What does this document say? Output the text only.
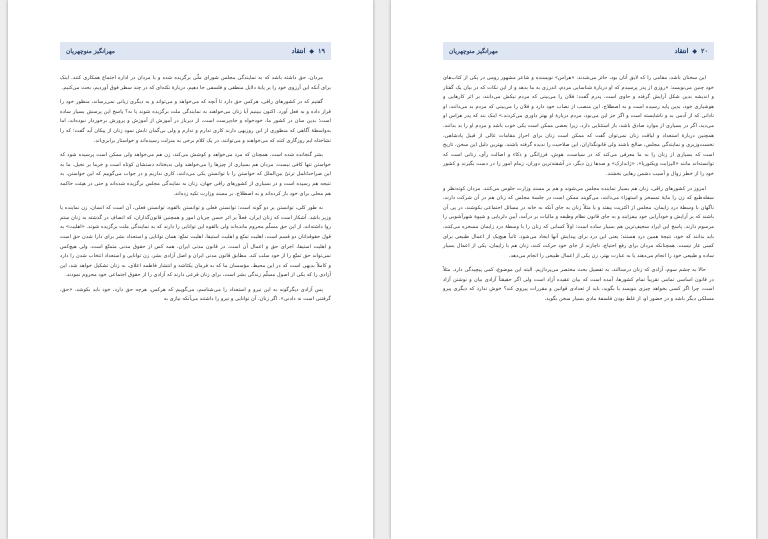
مهرانگیز منوچهریان	۱۹
◆
انتقاد

مردان، حق داشته باشد که به نمایندگی مجلس شورای ملّی برگزیده شده و با مردان در اداره اجتماع همکاری کنند. اینک برای آنکه این آرزوی خود را بر پایهٔ دلایل منطقی و فلسفی جا دهیم، دربارهٔ نکته‌ای که در چند سطر فوق آوردیم، بحث می‌کنیم.

گفتیم که در کشورهای راقی، هرکس حق دارد تا آنچه که می‌خواهد و می‌تواند و به دیگری زیانی نمی‌رساند، منظور خود را قرار داده و به فعل آورد. اکنون ببینیم آیا زنان می‌خواهند به نمایندگی ملت برگزیده شوند یا نه؟ پاسخ این پرسش بسیار ساده است؛ بدین سان در کشور ما، خودخواه و جاه‌پرست است، از دیرباز در آموزش از آموزش و پرورش برخوردار نبوده‌اند، اما به‌واسطهٔ آگاهی که منظوری از این روزبهی دارند کاری تدارم و تدارم و ولی بی‌گمان تابش نمود زنان از پیکان آید گفت؛ که را نشاختاه ایم روزگاری کنند که می‌خواهند و می‌توانند. در یک کلام برخی به منزلت رسیده‌اند و خواستار برابری‌اند.

بشر گنجانده شده است. همچنان که مرد می‌خواهد و کوشش می‌کند، زن هم می‌خواهد ولی ممکن است پرسیده شود که خواستن تنها کافی نیست. مردان هم بسیاری از چیزها را می‌خواهند ولی بدیختانه دستشان کوتاه است و خرما بر نخیل. ما به این صراحت‌ّلمل ترتیّ بین‌الملل که خواستن را با توانستن یکی می‌دانند، کاری نداریم و در جواب می‌گوییم که این خواستن، به نتیجه هم رسیده است و در بسیاری از کشورهای راقی جهان، زنان به نمایندگی مجلس برگزیده شده‌اند و حتی در هیئت حاکمه هم محلی برای خود باز کرده‌اند و به اصطلاح، بر مسند وزارت تکیه زده‌اند.

به طور کلی، توانستن بر دو گونه است: توانستن فعلی و توانستن بالقوه. توانستن فعلی، آن است که انسان، زن نماینده یا وزیر باشد. آشکار است که زنان ایران، فعلاً بر اثر حسن جریان امور و همچنین قانون‌گذاران، که انصاف در گذشته به زنان ستم روا داشته‌اند، از این حق مسلّم محروم مانده‌اند ولی بالقوه این توانایی را دارند که به نمایندگی ملت برگزیده شوند. «اهلیت» به قول حقوقدانان دو قسم است، اهلیت تمتّع و اهلیت استیفا. اهلیت تمتّع: همان توانایی و استعداد بشر برای دارا شدن حق است و اهلیت استیفا، اجرای حق و اعمال آن است. در قانون مدنی ایران، همه کس از حقوق مدنی متمتّع است، ولی هیچ‌کس نمی‌تواند حق تمتّع را از خود سلب کند. مطابق قانون مدنی ایران و اصل آزادی بشر، زن توانایی و استعداد انتخاب شدن را دارد و کاملاً بدیهی است که در این محیط، مؤسسان ما که به فرمان یکتاشه و انتشار فاطمه اعلای، به زنان تشکیل خواهد شد، این آزادی را که یکی از اصول مسلّم زندگی بشر است، برای زنان فرعی دارند که آزادی را از حقوق اجتماعی خود محروم نمودند.

پس آزادی دیگرگونه به این نیرو و استعداد را می‌شناسم، می‌گوییم که هرکس، هرچه حق دارد، خود باید بکوشد. «حق، گرفتنی است نه دادنی». اگر زنان، آن توانایی و نیرو را داشتند می‌آنکه نیازی به

مهرانگیز منوچهریان	۲۰
◆
انتقاد

این سخنان باشد، مقامی را که لایق آنان بود، حائز می‌شدند. «هراس» نویسنده و شاعر مشهور رومی در یکی از کتاب‌های خود چنین می‌نویسد: «روزی از پدر پرسیدم که او دربارهٔ شناسایی مردم، اندرزی به ما بدهد و از این نکات که در بیان یک گفتار و اندیشه بدین شکل آرایش گرفته و حاوی است. پدرم گفت: فلان را می‌بینی که مردم نیکش می‌دانند، بر اثر کارهایی و هوشیاری خود، بدین پایه رسیده است و به اصطلاح، این منصب از نصاب خود دارد و فلان را می‌بینی که مردم بد می‌دانند، او نادانی که از آدمی بد و ناشایسته است و اگر جز این می‌بود، مردم دربارهٔ او بهتر داوری می‌کردند.» اینک بند که پدر هراس او می‌دید، اگر در بسیاری از موارد صادق باشد، باز استثنایی دارد. زیرا بعضی ممکن است یکی خوب باشد و مردم او را بد بدانند. همچنین دربارهٔ استعداد و لیاقت زنان نمی‌توان گفت که ممکن است زنان برای احراز مقامات عالی از قبیل پادشاهی، نخست‌وزیری و نمایندگی مجلس، صالح باشند ولی قانونگذاران، این صلاحیت را ندیده گرفته باشند. بهترین دلیل این سخن، تاریخ است که بسیاری از زنان را به ما معرفی می‌کند که در سیاست، هوش، فرزانگی و ذکاء و اصالت رأی، زنانی است که توانسته‌اند مانند «الیزابت ویکتوریا»، «ژاندارک» و صدها زن دیگر، در آشفته‌ترین دوران، زمام امور را در دست بگیرند و کشور خود را از خطر زوال و آسیب دشمن رهایی بخشند.

امروز در کشورهای راقی، زنان هم بسیار نماینده مجلس می‌شوند و هم بر مسند وزارت جلوس می‌کنند. مردان کوته‌نظر و سفله‌طبع که زن را مایهٔ تمسخر و استهزاء می‌دانند، می‌گویند ممکن است در جلسهٔ مجلس که زنان هم در آن شرکت دارند، ناگهان با وسطهٔ درد زایمان، مجلس از اکثریت بیفتد و یا مثلاً زنان به جای آنکه به خانه در مسائل اجتماعی بکوشند، در پی آن باشند که بر آرایش و خودآرایی خود بیفزایند و به جای قانون نظام وظیفه و مالیات بر درآمد، آیین دلربایی و شیوهٔ شهرآشوبی را مرسوم دارند. پاسخ این ایراد سخیف‌ترین هم بسیار ساده است: اولاً کسانی که زنان را با وسطهٔ درد زایمان مسخره می‌کنند، باید بدانند که خود، نتیجهٔ همین درد هستند؛ یعنی این درد برای پیدایش آنها ایجاد می‌شود. ثانیاً هیچ‌یک از اعمال طبیعی برای کسی عار نیست. همچنانکه مردان برای رفع احتیاج، ناچارند از جای خود حرکت کنند، زنان هم با زایمان، یکی از اعمال بسیار ساده و طبیعی خود را انجام می‌دهند یا به عبارت بهتر، زن یکی از اعمال طبیعی را انجام می‌دهد.

حالا به چشم سوم، آزادی که زنان درسنالند، به تفصیل بحث مختصر می‌پردازیم. البته این موضوع، کمی پیچیدگی دارد. مثلاً در قانون اساسی تمامی تقریباً تمام کشورها، آمده است که بیان عقیده آزاد است ولی اگر حقیقتاً آزادی بیان و نوشتن آزاد است، چرا اگر کسی بخواهد چیزی بنویسد یا بگوید، باید از تعدادی قوانین و مقررات پیروی کند؟ خوش ندارد که دیگری پیرو مسلکی دیگر باشد و در حضور او، از غلط بودن فلسفهٔ مادی بسیار سخن بگوید.
